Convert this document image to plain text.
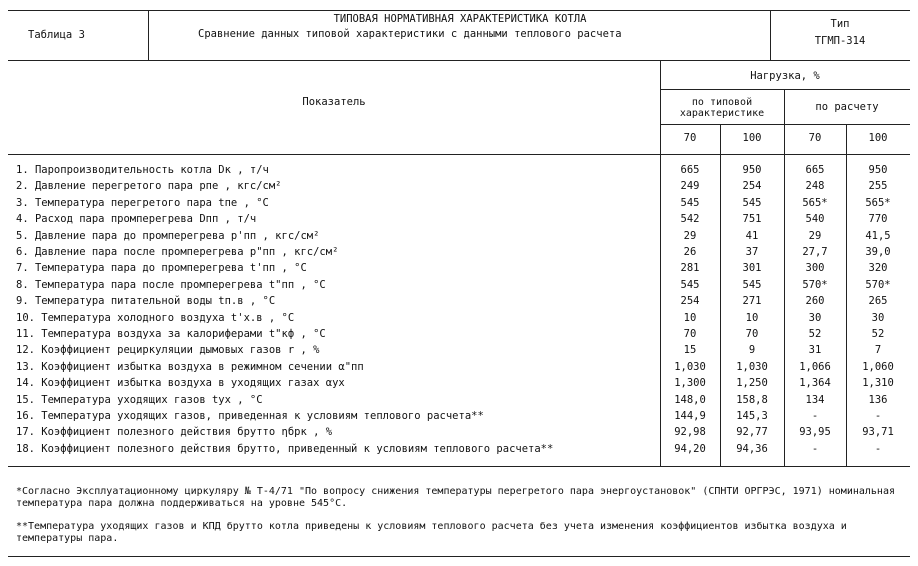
Таблица 3
ТИПОВАЯ НОРМАТИВНАЯ ХАРАКТЕРИСТИКА КОТЛА
Сравнение данных типовой характеристики с данными теплового расчета
Тип
ТГМП-314
Показатель
Нагрузка, %
по типовой характеристике
по расчету
70	100	70	100
1. Паропроизводительность котла Dк , т/ч	665	950	665	950
2. Давление перегретого пара pпе , кгс/см²	249	254	248	255
3. Температура перегретого пара tпе , °С	545	545	565*	565*
4. Расход пара промперегрева Dпп , т/ч	542	751	540	770
5. Давление пара до промперегрева p'пп , кгс/см²	29	41	29	41,5
6. Давление пара после промперегрева p"пп , кгс/см²	26	37	27,7	39,0
7. Температура пара до промперегрева t'пп , °С	281	301	300	320
8. Температура пара после промперегрева t"пп , °С	545	545	570*	570*
9. Температура питательной воды tп.в , °С	254	271	260	265
10. Температура холодного воздуха t'х.в , °С	10	10	30	30
11. Температура воздуха за калориферами t"кф , °С	70	70	52	52
12. Коэффициент рециркуляции дымовых газов r , %	15	9	31	7
13. Коэффициент избытка воздуха в режимном сечении α"пп	1,030	1,030	1,066	1,060
14. Коэффициент избытка воздуха в уходящих газах αух	1,300	1,250	1,364	1,310
15. Температура уходящих газов tух , °С	148,0	158,8	134	136
16. Температура уходящих газов, приведенная к условиям теплового расчета**	144,9	145,3	-	-
17. Коэффициент полезного действия брутто ηбрк , %	92,98	92,77	93,95	93,71
18. Коэффициент полезного действия брутто, приведенный к условиям теплового расчета**	94,20	94,36	-	-
*Согласно Эксплуатационному циркуляру № Т-4/71 "По вопросу снижения температуры перегретого пара энергоустановок" (СПНТИ ОРГРЭС, 1971) номинальная температура пара должна поддерживаться на уровне 545°С.
**Температура уходящих газов и КПД брутто котла приведены к условиям теплового расчета без учета изменения коэффициентов избытка воздуха и температуры пара.
